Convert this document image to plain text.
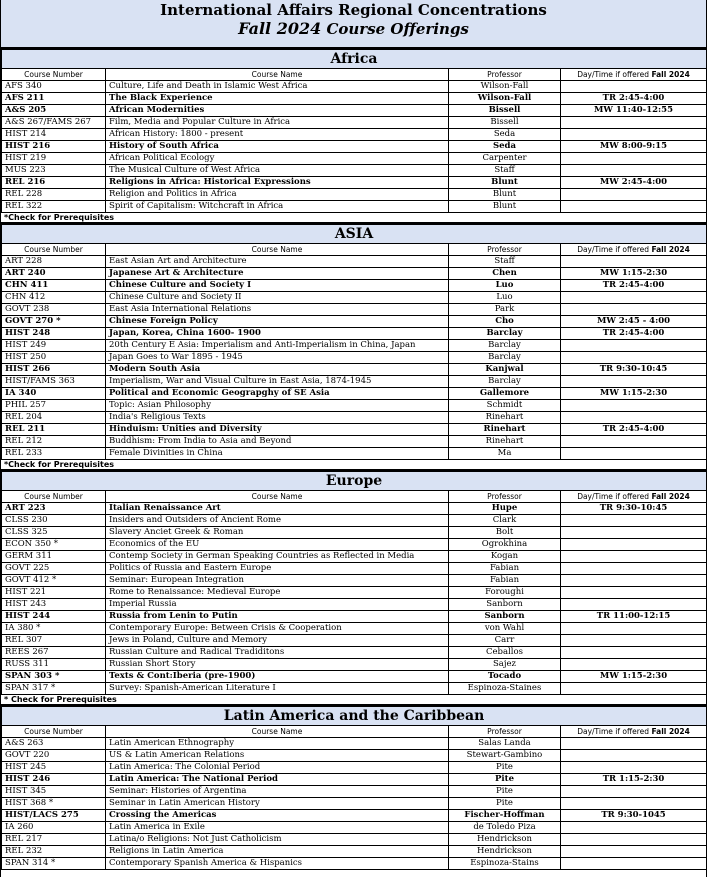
International Affairs Regional Concentrations
Fall 2024 Course Offerings
Africa			
Course Number	Course Name	Professor	Day/Time if offered Fall 2024
AFS 340	Culture, Life and Death in Islamic West Africa	Wilson-Fall	
AFS 211	The Black Experience	Wilson-Fall	TR 2:45-4:00
A&S 205	African Modernities	Bissell	MW 11:40-12:55
A&S 267/FAMS 267	Film, Media and Popular Culture in Africa	Bissell	
HIST 214	African History: 1800 - present	Seda	
HIST 216	History of South Africa	Seda	MW 8:00-9:15
HIST 219	African Political Ecology	Carpenter	
MUS 223	The Musical Culture of West Africa	Staff	
REL 216	Religions in Africa: Historical Expressions	Blunt	MW 2:45-4:00
REL 228	Religion and Politics in Africa	Blunt	
REL 322	Spirit of Capitalism: Witchcraft in Africa	Blunt	
*Check for Prerequisites
ASIA			
Course Number	Course Name	Professor	Day/Time if offered Fall 2024
ART 228	East Asian Art and Architecture	Staff	
ART 240	Japanese Art & Architecture	Chen	MW 1:15-2:30
CHN 411	Chinese Culture and Society I	Luo	TR 2:45-4:00
CHN 412	Chinese Culture and Society II	Luo	
GOVT 238	East Asia International Relations	Park	
GOVT 270 *	Chinese Foreign Policy	Cho	MW 2:45 - 4:00
HIST 248	Japan, Korea, China 1600- 1900	Barclay	TR 2:45-4:00
HIST 249	20th Century E Asia: Imperialism and Anti-Imperialism in China, Japan	Barclay	
HIST 250	Japan Goes to War 1895 - 1945	Barclay	
HIST 266	Modern South Asia	Kanjwal	TR 9:30-10:45
HIST/FAMS 363	Imperialism, War and Visual Culture in East Asia, 1874-1945	Barclay	
IA 340	Political and Economic Geograpghy of SE Asia	Gallemore	MW 1:15-2:30
PHIL 257	Topic: Asian Philosophy	Schmidt	
REL 204	India's Religious Texts	Rinehart	
REL 211	Hinduism: Unities and Diversity	Rinehart	TR 2:45-4:00
REL 212	Buddhism: From India to Asia and Beyond	Rinehart	
REL 233	Female Divinities in China	Ma	
*Check for Prerequisites
Europe			
Course Number	Course Name	Professor	Day/Time if offered Fall 2024
ART 223	Italian Renaissance Art	Hupe	TR 9:30-10:45
CLSS 230	Insiders and Outsiders of Ancient Rome	Clark	
CLSS 325	Slavery Anciet Greek & Roman	Bolt	
ECON 350 *	Economics of the EU	Ogrokhina	
GERM 311	Contemp Society in German Speaking Countries as Reflected in Media	Kogan	
GOVT 225	Politics of Russia and Eastern Europe	Fabian	
GOVT 412 *	Seminar: European Integration	Fabian	
HIST 221	Rome to Renaissance: Medieval Europe	Foroughi	
HIST 243	Imperial Russia	Sanborn	
HIST 244	Russia from Lenin to Putin	Sanborn	TR 11:00-12:15
IA 380 *	Contemporary Europe: Between Crisis & Cooperation	von Wahl	
REL 307	Jews in Poland, Culture and Memory	Carr	
REES 267	Russian Culture and Radical Tradiditons	Ceballos	
RUSS 311	Russian Short Story	Sajez	
SPAN 303 *	Texts & Cont:Iberia (pre-1900)	Tocado	MW 1:15-2:30
SPAN 317 *	Survey: Spanish-American Literature I	Espinoza-Staines	
* Check for Prerequisites
Latin America and the Caribbean			
Course Number	Course Name	Professor	Day/Time if offered Fall 2024
A&S 263	Latin American Ethnography	Salas Landa	
GOVT 220	US & Latin American Relations	Stewart-Gambino	
HIST 245	Latin America: The Colonial Period	Pite	
HIST 246	Latin America: The National Period	Pite	TR 1:15-2:30
HIST 345	Seminar: Histories of Argentina	Pite	
HIST 368 *	Seminar in Latin American History	Pite	
HIST/LACS 275	Crossing the Americas	Fischer-Hoffman	TR 9:30-1045
IA 260	Latin America in Exile	de Toledo Piza	
REL 217	Latina/o Religions: Not Just Catholicism	Hendrickson	
REL 232	Religions in Latin America	Hendrickson	
SPAN 314 *	Contemporary Spanish America & Hispanics	Espinoza-Stains	
